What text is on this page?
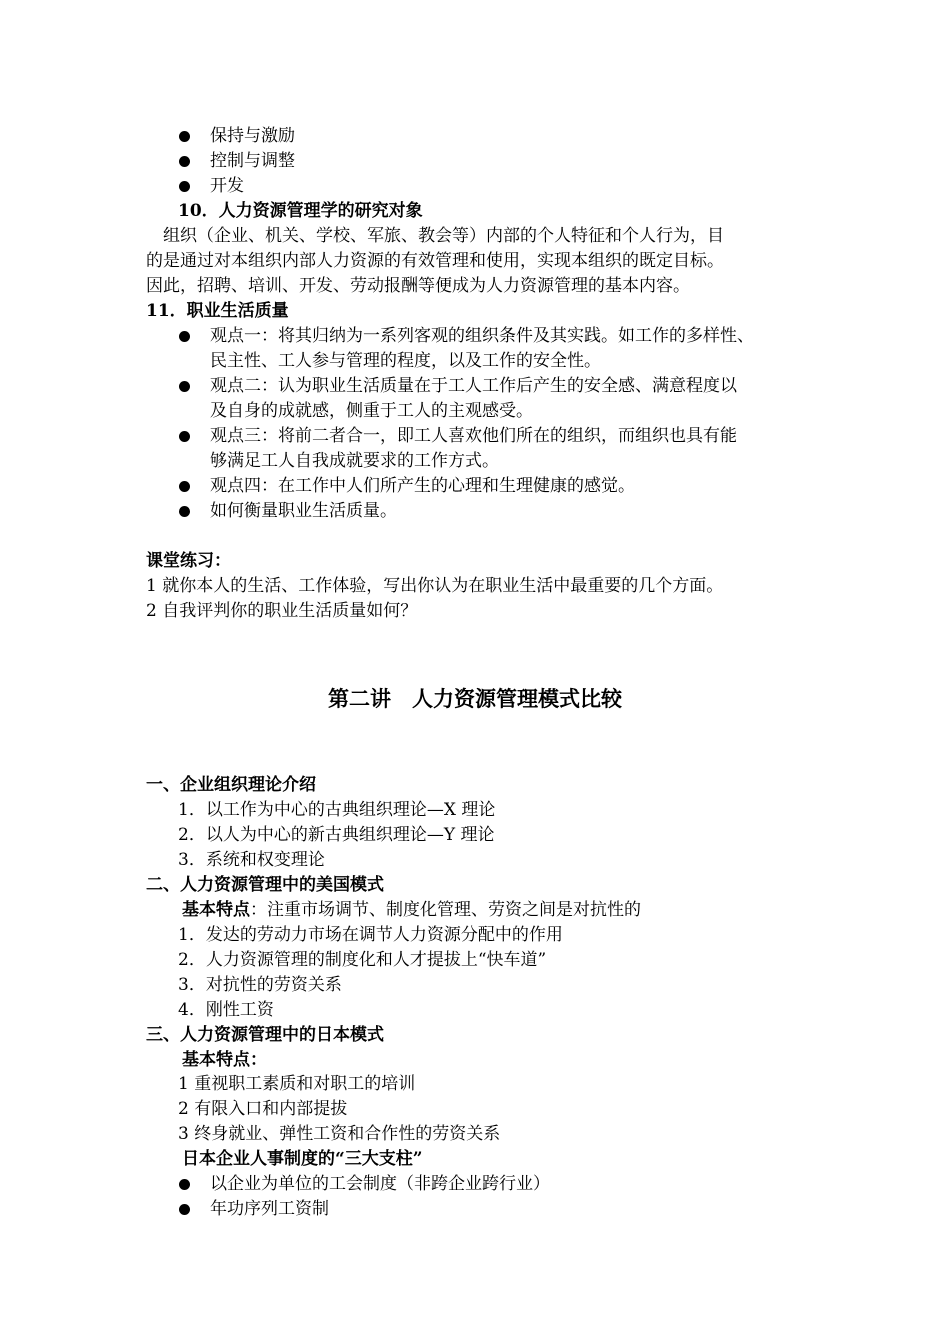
保持与激励
控制与调整
开发
10．人力资源管理学的研究对象
组织（企业、机关、学校、军旅、教会等）内部的个人特征和个人行为，目
的是通过对本组织内部人力资源的有效管理和使用，实现本组织的既定目标。
因此，招聘、培训、开发、劳动报酬等便成为人力资源管理的基本内容。
11．职业生活质量
观点一：将其归纳为一系列客观的组织条件及其实践。如工作的多样性、
民主性、工人参与管理的程度，以及工作的安全性。
观点二：认为职业生活质量在于工人工作后产生的安全感、满意程度以
及自身的成就感，侧重于工人的主观感受。
观点三：将前二者合一，即工人喜欢他们所在的组织，而组织也具有能
够满足工人自我成就要求的工作方式。
观点四：在工作中人们所产生的心理和生理健康的感觉。
如何衡量职业生活质量。
课堂练习：
1 就你本人的生活、工作体验，写出你认为在职业生活中最重要的几个方面。
2 自我评判你的职业生活质量如何？
第二讲　人力资源管理模式比较
一、企业组织理论介绍
1．以工作为中心的古典组织理论—X 理论
2．以人为中心的新古典组织理论—Y 理论
3．系统和权变理论
二、人力资源管理中的美国模式
基本特点：注重市场调节、制度化管理、劳资之间是对抗性的
1．发达的劳动力市场在调节人力资源分配中的作用
2．人力资源管理的制度化和人才提拔上“快车道”
3．对抗性的劳资关系
4．刚性工资
三、人力资源管理中的日本模式
基本特点：
1 重视职工素质和对职工的培训
2 有限入口和内部提拔
3 终身就业、弹性工资和合作性的劳资关系
日本企业人事制度的“三大支柱”
以企业为单位的工会制度（非跨企业跨行业）
年功序列工资制
